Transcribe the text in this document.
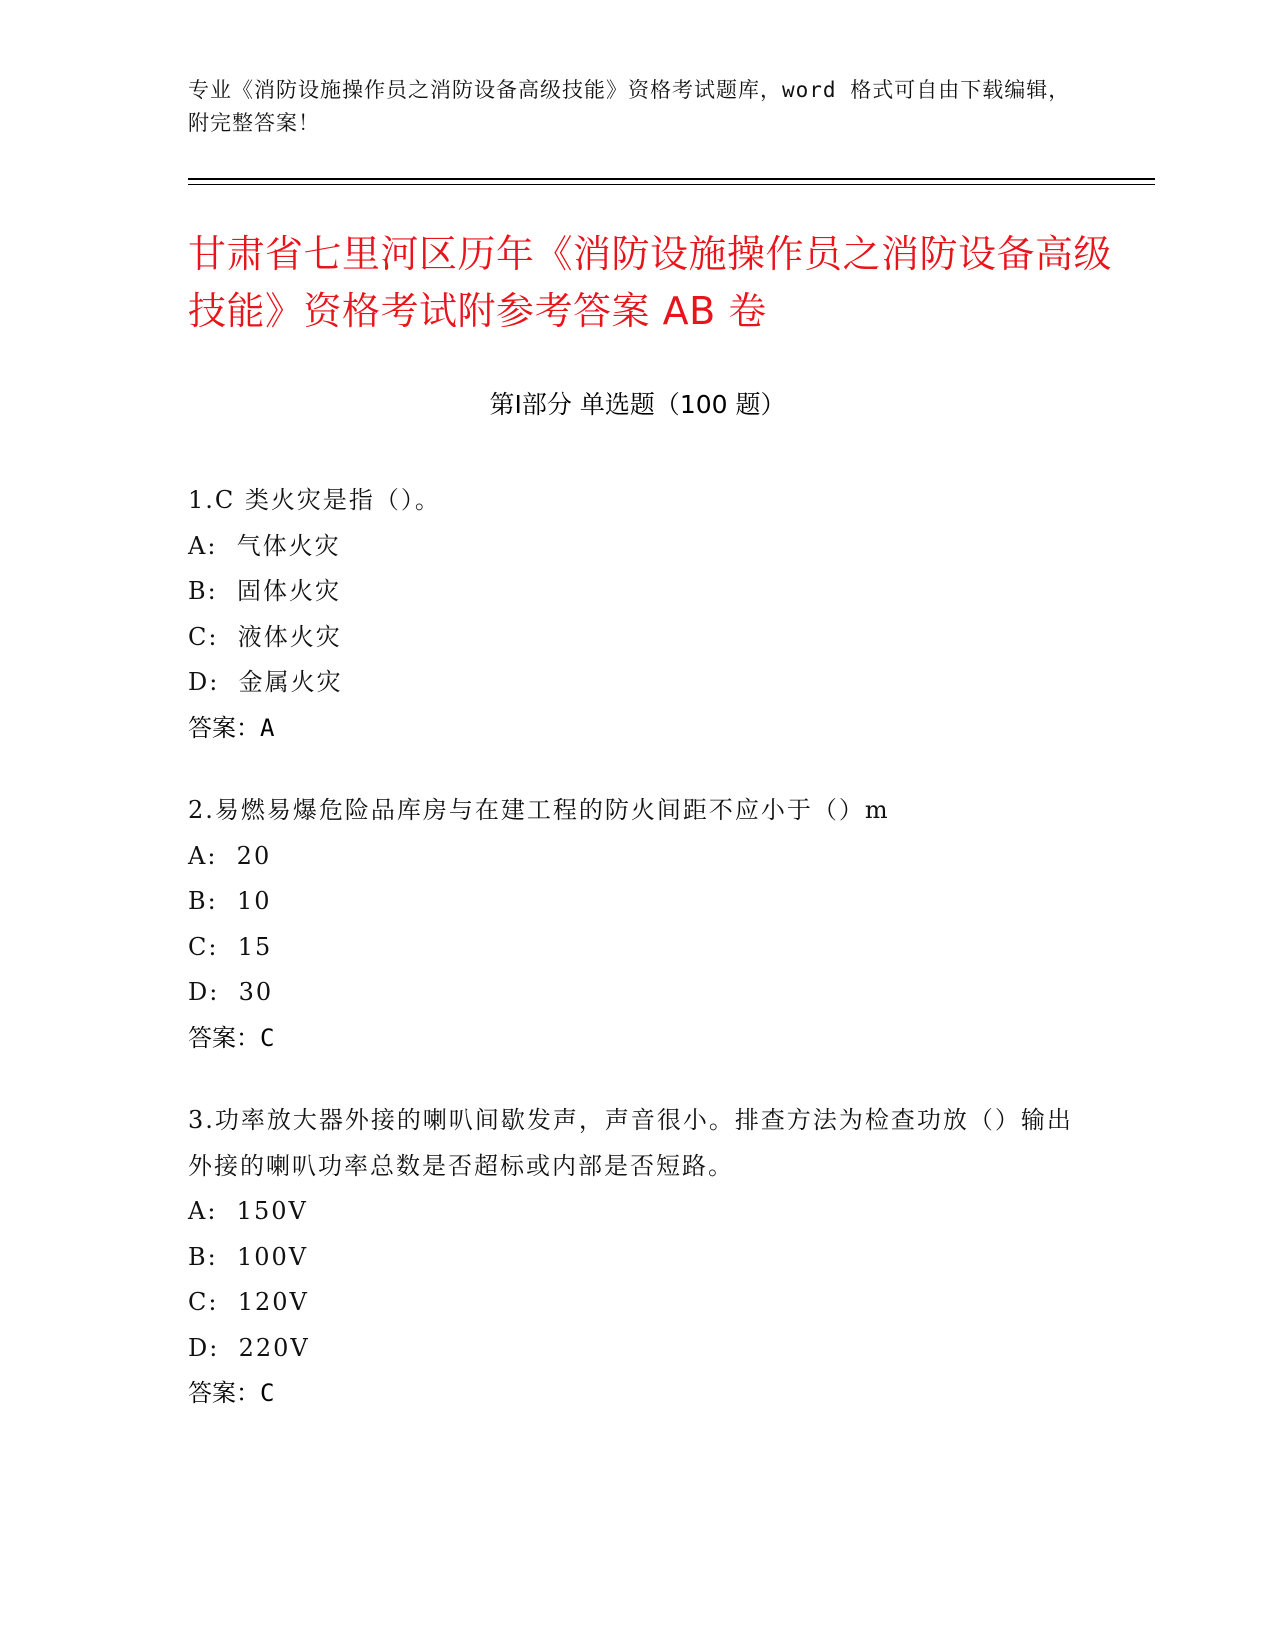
专业《消防设施操作员之消防设备高级技能》资格考试题库，word 格式可自由下载编辑，附完整答案！
甘肃省七里河区历年《消防设施操作员之消防设备高级技能》资格考试附参考答案 AB 卷
第Ⅰ部分 单选题（100 题）
1.C 类火灾是指（）。
A:  气体火灾
B:  固体火灾
C:  液体火灾
D:  金属火灾
答案：A
2.易燃易爆危险品库房与在建工程的防火间距不应小于（）m
A:  20
B:  10
C:  15
D:  30
答案：C
3.功率放大器外接的喇叭间歇发声，声音很小。排查方法为检查功放（）输出外接的喇叭功率总数是否超标或内部是否短路。
A:  150V
B:  100V
C:  120V
D:  220V
答案：C
